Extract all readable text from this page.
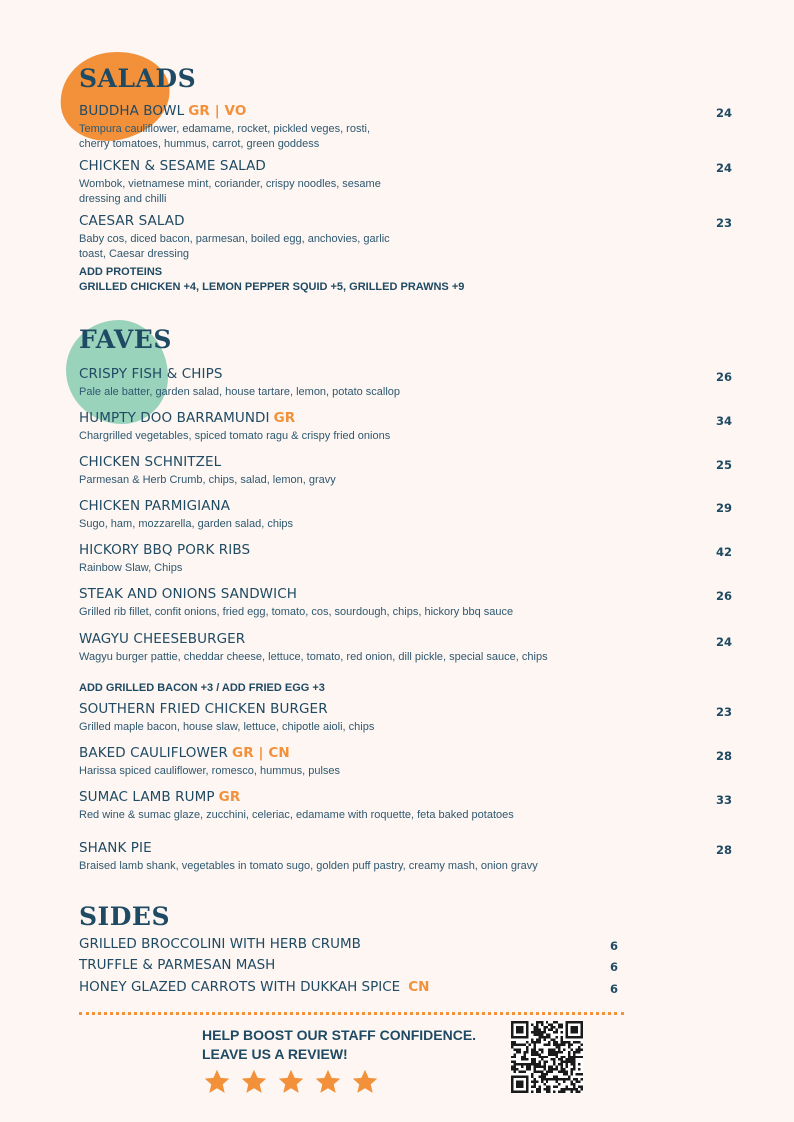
SALADS
BUDDHA BOWL GR | VO
Tempura cauliflower, edamame, rocket, pickled veges, rosti,
cherry tomatoes, hummus, carrot, green goddess
24
CHICKEN & SESAME SALAD
Wombok, vietnamese mint, coriander, crispy noodles, sesame
dressing and chilli
24
CAESAR SALAD
Baby cos, diced bacon, parmesan, boiled egg, anchovies, garlic
toast, Caesar dressing
23
ADD PROTEINS
GRILLED CHICKEN +4, LEMON PEPPER SQUID +5, GRILLED PRAWNS +9
FAVES
CRISPY FISH & CHIPS
Pale ale batter, garden salad, house tartare, lemon, potato scallop
26
HUMPTY DOO BARRAMUNDI GR
Chargrilled vegetables, spiced tomato ragu & crispy fried onions
34
CHICKEN SCHNITZEL
Parmesan & Herb Crumb, chips, salad, lemon, gravy
25
CHICKEN PARMIGIANA
Sugo, ham, mozzarella, garden salad, chips
29
HICKORY BBQ PORK RIBS
Rainbow Slaw, Chips
42
STEAK AND ONIONS SANDWICH
Grilled rib fillet, confit onions, fried egg, tomato, cos, sourdough, chips, hickory bbq sauce
26
WAGYU CHEESEBURGER
Wagyu burger pattie, cheddar cheese, lettuce, tomato, red onion, dill pickle, special sauce, chips
24
ADD GRILLED BACON +3 / ADD FRIED EGG +3
SOUTHERN FRIED CHICKEN BURGER
Grilled maple bacon, house slaw, lettuce, chipotle aioli, chips
23
BAKED CAULIFLOWER GR | CN
Harissa spiced cauliflower, romesco, hummus, pulses
28
SUMAC LAMB RUMP GR
Red wine & sumac glaze, zucchini, celeriac, edamame with roquette, feta baked potatoes
33
SHANK PIE
Braised lamb shank, vegetables in tomato sugo, golden puff pastry, creamy mash, onion gravy
28
SIDES
GRILLED BROCCOLINI WITH HERB CRUMB	6
TRUFFLE & PARMESAN MASH	6
HONEY GLAZED CARROTS WITH DUKKAH SPICE CN	6
HELP BOOST OUR STAFF CONFIDENCE.
LEAVE US A REVIEW!
